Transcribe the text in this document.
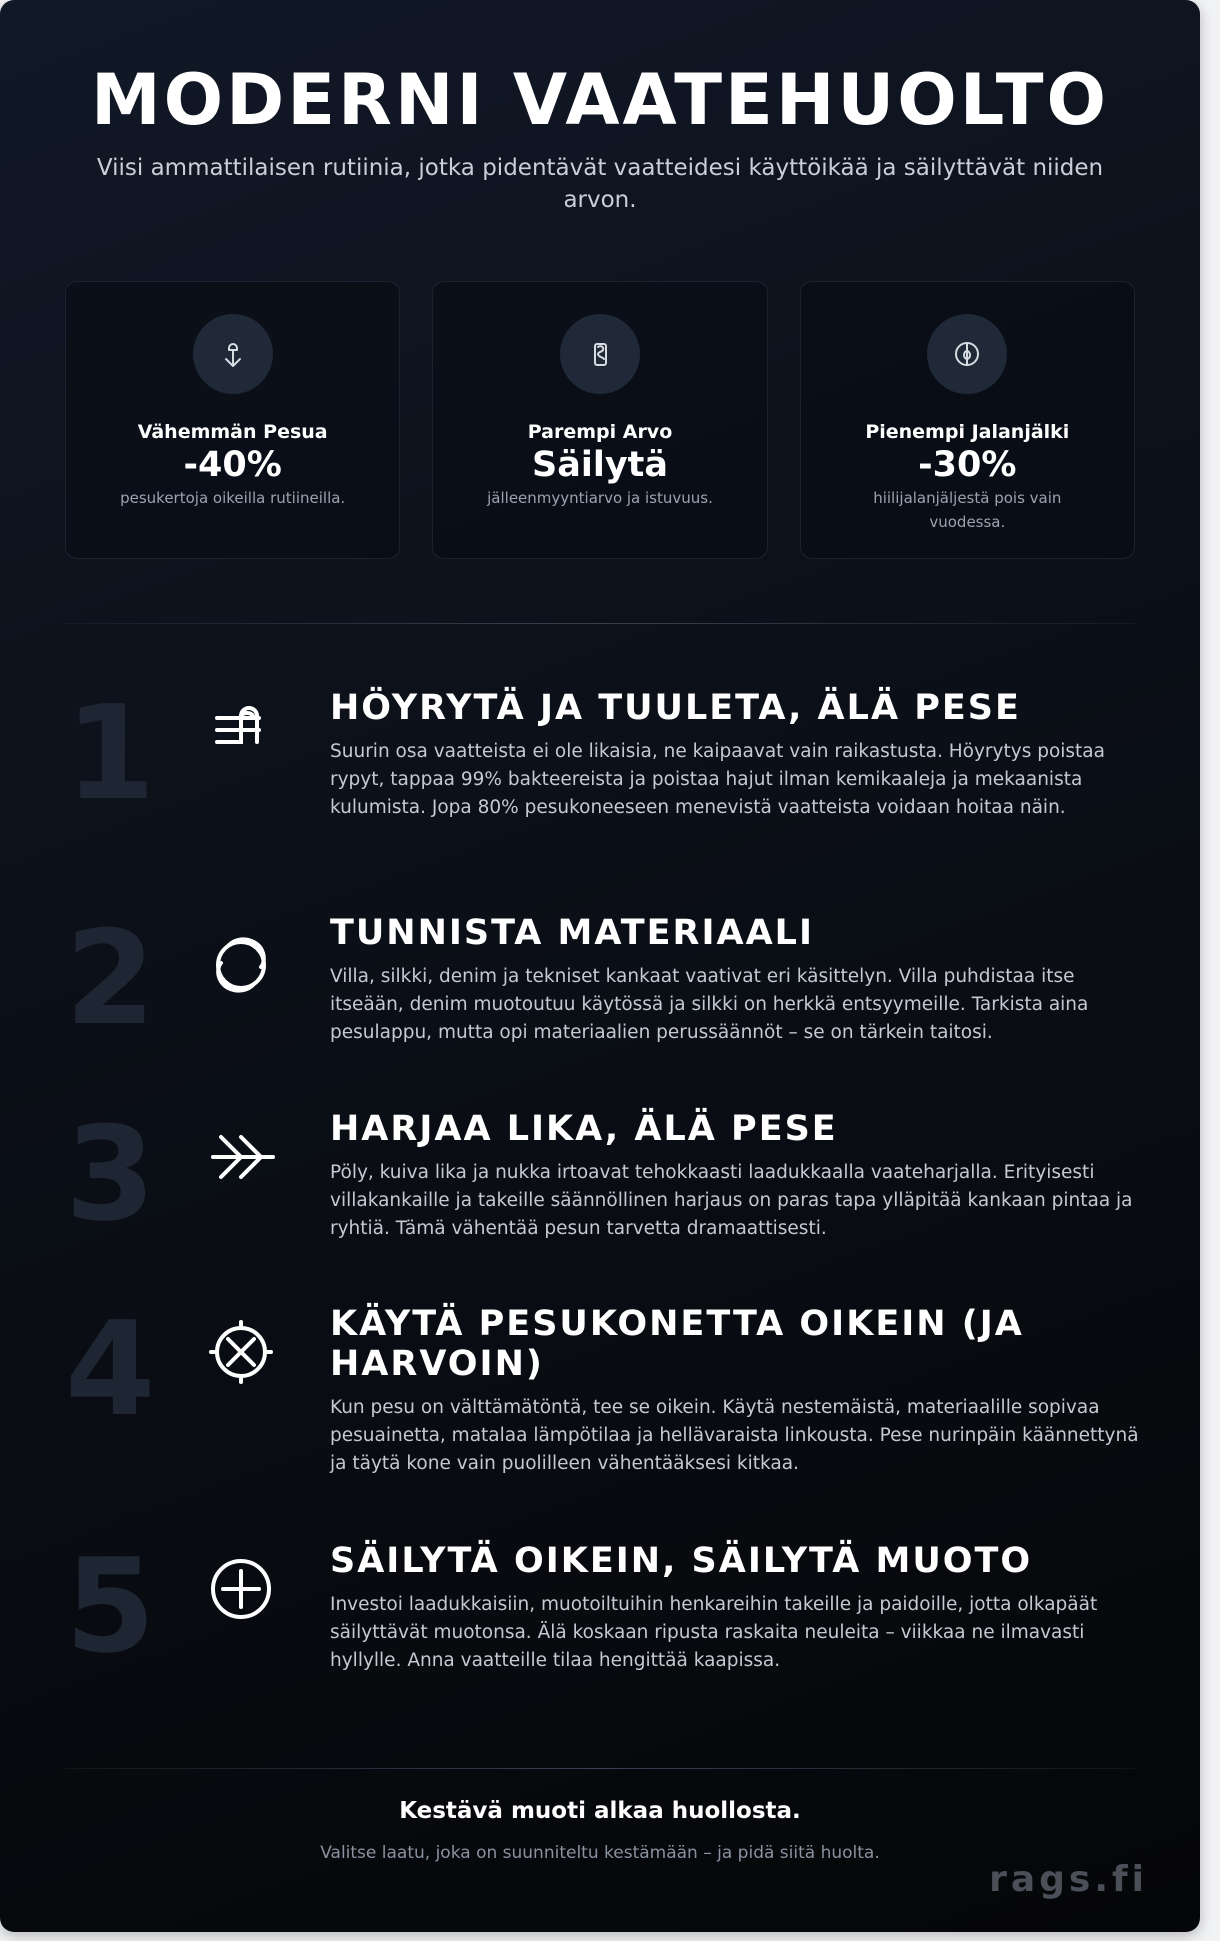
MODERNI VAATEHUOLTO

Viisi ammattilaisen rutiinia, jotka pidentävät vaatteidesi käyttöikää ja säilyttävät niiden arvon.

Vähemmän Pesua
-40%
pesukertoja oikeilla rutiineilla.
Parempi Arvo
Säilytä
jälleenmyyntiarvo ja istuvuus.
Pienempi Jalanjälki
-30%
hiilijalanjäljestä pois vain vuodessa.
1	HÖYRYTÄ JA TUULETA, ÄLÄ PESE

Suurin osa vaatteista ei ole likaisia, ne kaipaavat vain raikastusta. Höyrytys poistaa rypyt, tappaa 99% bakteereista ja poistaa hajut ilman kemikaaleja ja mekaanista kulumista. Jopa 80% pesukoneeseen menevistä vaatteista voidaan hoitaa näin.

2	TUNNISTA MATERIAALI

Villa, silkki, denim ja tekniset kankaat vaativat eri käsittelyn. Villa puhdistaa itse itseään, denim muotoutuu käytössä ja silkki on herkkä entsyymeille. Tarkista aina pesulappu, mutta opi materiaalien perussäännöt – se on tärkein taitosi.

3	HARJAA LIKA, ÄLÄ PESE

Pöly, kuiva lika ja nukka irtoavat tehokkaasti laadukkaalla vaateharjalla. Erityisesti villakankaille ja takeille säännöllinen harjaus on paras tapa ylläpitää kankaan pintaa ja ryhtiä. Tämä vähentää pesun tarvetta dramaattisesti.

4	KÄYTÄ PESUKONETTA OIKEIN (JA HARVOIN)

Kun pesu on välttämätöntä, tee se oikein. Käytä nestemäistä, materiaalille sopivaa pesuainetta, matalaa lämpötilaa ja hellävaraista linkousta. Pese nurinpäin käännettynä ja täytä kone vain puolilleen vähentääksesi kitkaa.

5	SÄILYTÄ OIKEIN, SÄILYTÄ MUOTO

Investoi laadukkaisiin, muotoiltuihin henkareihin takeille ja paidoille, jotta olkapäät säilyttävät muotonsa. Älä koskaan ripusta raskaita neuleita – viikkaa ne ilmavasti hyllylle. Anna vaatteille tilaa hengittää kaapissa.

Kestävä muoti alkaa huollosta.
Valitse laatu, joka on suunniteltu kestämään – ja pidä siitä huolta.
rags.fi
